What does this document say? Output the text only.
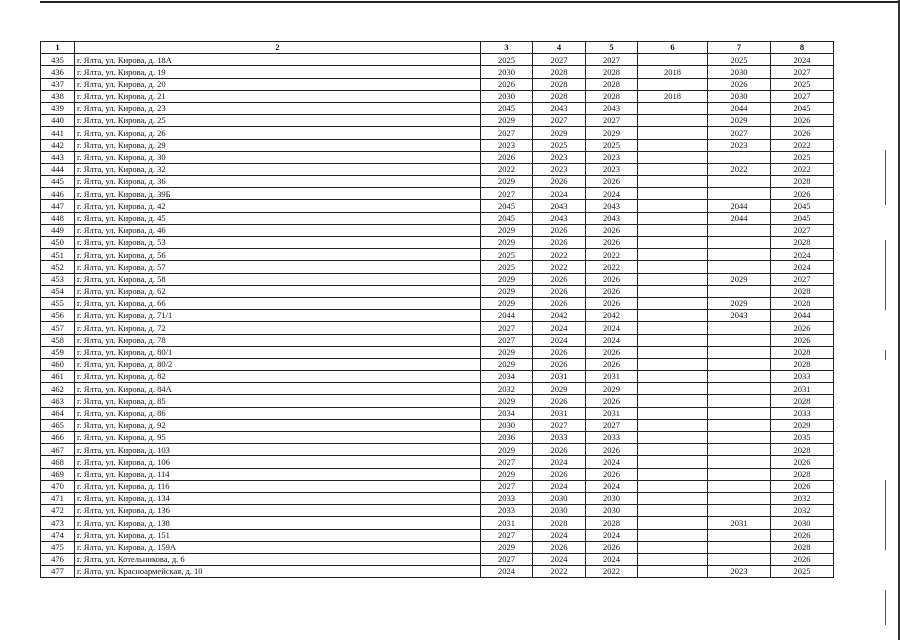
1	2	3	4	5	6	7	8
435	г. Ялта, ул. Кирова, д. 18А	2025	2027	2027		2025	2024
436	г. Ялта, ул. Кирова, д. 19	2030	2028	2028	2018	2030	2027
437	г. Ялта, ул. Кирова, д. 20	2026	2028	2028		2026	2025
438	г. Ялта, ул. Кирова, д. 21	2030	2028	2028	2018	2030	2027
439	г. Ялта, ул. Кирова, д. 23	2045	2043	2043		2044	2045
440	г. Ялта, ул. Кирова, д. 25	2029	2027	2027		2029	2026
441	г. Ялта, ул. Кирова, д. 26	2027	2029	2029		2027	2026
442	г. Ялта, ул. Кирова, д. 29	2023	2025	2025		2023	2022
443	г. Ялта, ул. Кирова, д. 30	2026	2023	2023			2025
444	г. Ялта, ул. Кирова, д. 32	2022	2023	2023		2022	2022
445	г. Ялта, ул. Кирова, д. 36	2029	2026	2026			2028
446	г. Ялта, ул. Кирова, д. 39Б	2027	2024	2024			2026
447	г. Ялта, ул. Кирова, д. 42	2045	2043	2043		2044	2045
448	г. Ялта, ул. Кирова, д. 45	2045	2043	2043		2044	2045
449	г. Ялта, ул. Кирова, д. 46	2029	2026	2026			2027
450	г. Ялта, ул. Кирова, д. 53	2029	2026	2026			2028
451	г. Ялта, ул. Кирова, д. 56	2025	2022	2022			2024
452	г. Ялта, ул. Кирова, д. 57	2025	2022	2022			2024
453	г. Ялта, ул. Кирова, д. 58	2029	2026	2026		2029	2027
454	г. Ялта, ул. Кирова, д. 62	2029	2026	2026			2028
455	г. Ялта, ул. Кирова, д. 66	2029	2026	2026		2029	2028
456	г. Ялта, ул. Кирова, д. 71/1	2044	2042	2042		2043	2044
457	г. Ялта, ул. Кирова, д. 72	2027	2024	2024			2026
458	г. Ялта, ул. Кирова, д. 78	2027	2024	2024			2026
459	г. Ялта, ул. Кирова, д. 80/1	2029	2026	2026			2028
460	г. Ялта, ул. Кирова, д. 80/2	2029	2026	2026			2028
461	г. Ялта, ул. Кирова, д. 82	2034	2031	2031			2033
462	г. Ялта, ул. Кирова, д. 84А	2032	2029	2029			2031
463	г. Ялта, ул. Кирова, д. 85	2029	2026	2026			2028
464	г. Ялта, ул. Кирова, д. 86	2034	2031	2031			2033
465	г. Ялта, ул. Кирова, д. 92	2030	2027	2027			2029
466	г. Ялта, ул. Кирова, д. 95	2036	2033	2033			2035
467	г. Ялта, ул. Кирова, д. 103	2029	2026	2026			2028
468	г. Ялта, ул. Кирова, д. 106	2027	2024	2024			2026
469	г. Ялта, ул. Кирова, д. 114	2029	2026	2026			2028
470	г. Ялта, ул. Кирова, д. 116	2027	2024	2024			2026
471	г. Ялта, ул. Кирова, д. 134	2033	2030	2030			2032
472	г. Ялта, ул. Кирова, д. 136	2033	2030	2030			2032
473	г. Ялта, ул. Кирова, д. 138	2031	2028	2028		2031	2030
474	г. Ялта, ул. Кирова, д. 151	2027	2024	2024			2026
475	г. Ялта, ул. Кирова, д. 159А	2029	2026	2026			2028
476	г. Ялта, ул. Котельникова, д. 6	2027	2024	2024			2026
477	г. Ялта, ул. Красноармейская, д. 10	2024	2022	2022		2023	2025
